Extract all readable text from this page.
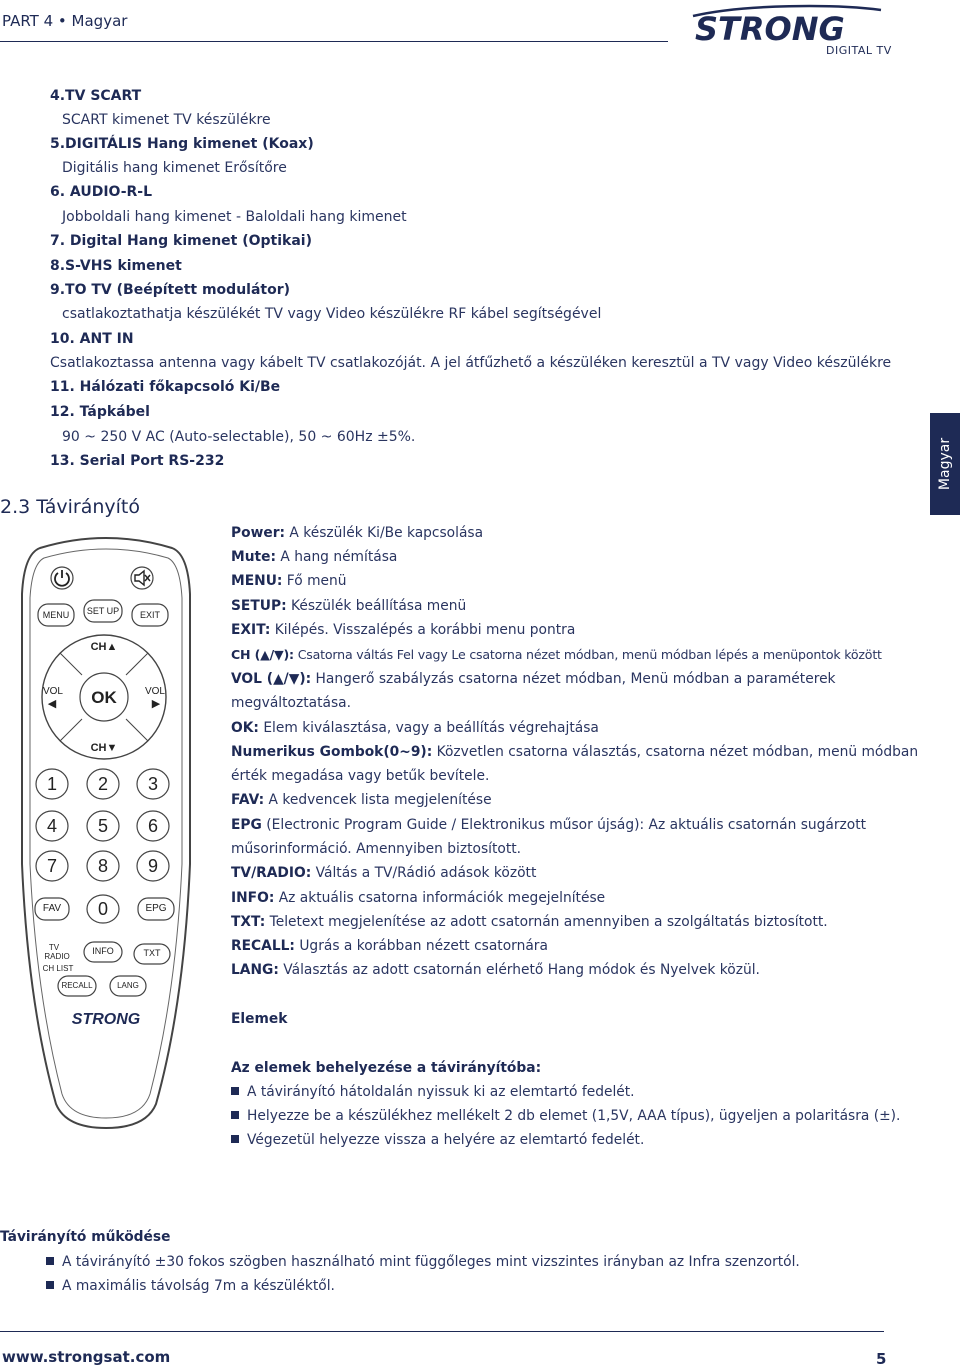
PART 4 • Magyar	STRONG
DIGITAL TV
Magyar
4.TV SCART
SCART kimenet TV készülékre
5.DIGITÁLIS Hang kimenet (Koax)
Digitális hang kimenet Erősítőre
6. AUDIO-R-L
Jobboldali hang kimenet - Baloldali hang kimenet
7. Digital Hang kimenet (Optikai)
8.S-VHS kimenet
9.TO TV (Beépített modulátor)
csatlakoztathatja készülékét TV vagy Video készülékre RF kábel segítségével
10. ANT IN
Csatlakoztassa antenna vagy kábelt TV csatlakozóját. A jel átfűzhető a készüléken keresztül a TV vagy Video készülékre
11. Hálózati főkapcsoló Ki/Be
12. Tápkábel
90 ~ 250 V AC (Auto-selectable), 50 ~ 60Hz ±5%.
13. Serial Port RS-232
2.3 Távirányító
MENU	SET UP	EXIT
CH▲
CH▼
OK
VOL
◀
VOL
▶
1	2	3
4	5	6
7	8	9
FAV	0	EPG
TV
RADIO
INFO	TXT
CH LIST
RECALL	LANG
STRONG
Power: A készülék Ki/Be kapcsolása
Mute: A hang némítása
MENU: Fő menü
SETUP: Készülék beállítása menü
EXIT: Kilépés. Visszalépés a korábbi menu pontra
CH (▲/▼): Csatorna váltás Fel vagy Le csatorna nézet módban, menü módban lépés a menüpontok között
VOL (▲/▼): Hangerő szabályzás csatorna nézet módban, Menü módban a paraméterek
megváltoztatása.
OK: Elem kiválasztása, vagy a beállítás végrehajtása
Numerikus Gombok(0~9): Közvetlen csatorna választás, csatorna nézet módban, menü módban
érték megadása vagy betűk bevítele.
FAV: A kedvencek lista megjelenítése
EPG (Electronic Program Guide / Elektronikus műsor újság): Az aktuális csatornán sugárzott
műsorinformáció. Amennyiben biztosított.
TV/RADIO: Váltás a TV/Rádió adások között
INFO: Az aktuális csatorna információk megejelnítése
TXT: Teletext megjelenítése az adott csatornán amennyiben a szolgáltatás biztosított.
RECALL: Ugrás a korábban nézett csatornára
LANG: Választás az adott csatornán elérhető Hang módok és Nyelvek közül.
Elemek
Az elemek behelyezése a távirányítóba:
A távirányító hátoldalán nyissuk ki az elemtartó fedelét.
Helyezze be a készülékhez mellékelt 2 db elemet (1,5V, AAA típus), ügyeljen a polaritásra (±).
Végezetül helyezze vissza a helyére az elemtartó fedelét.
Távirányító működése
A távirányító ±30 fokos szögben használható mint függőleges mint vizszintes irányban az Infra szenzortól.
A maximális távolság 7m a készüléktől.
www.strongsat.com	5
